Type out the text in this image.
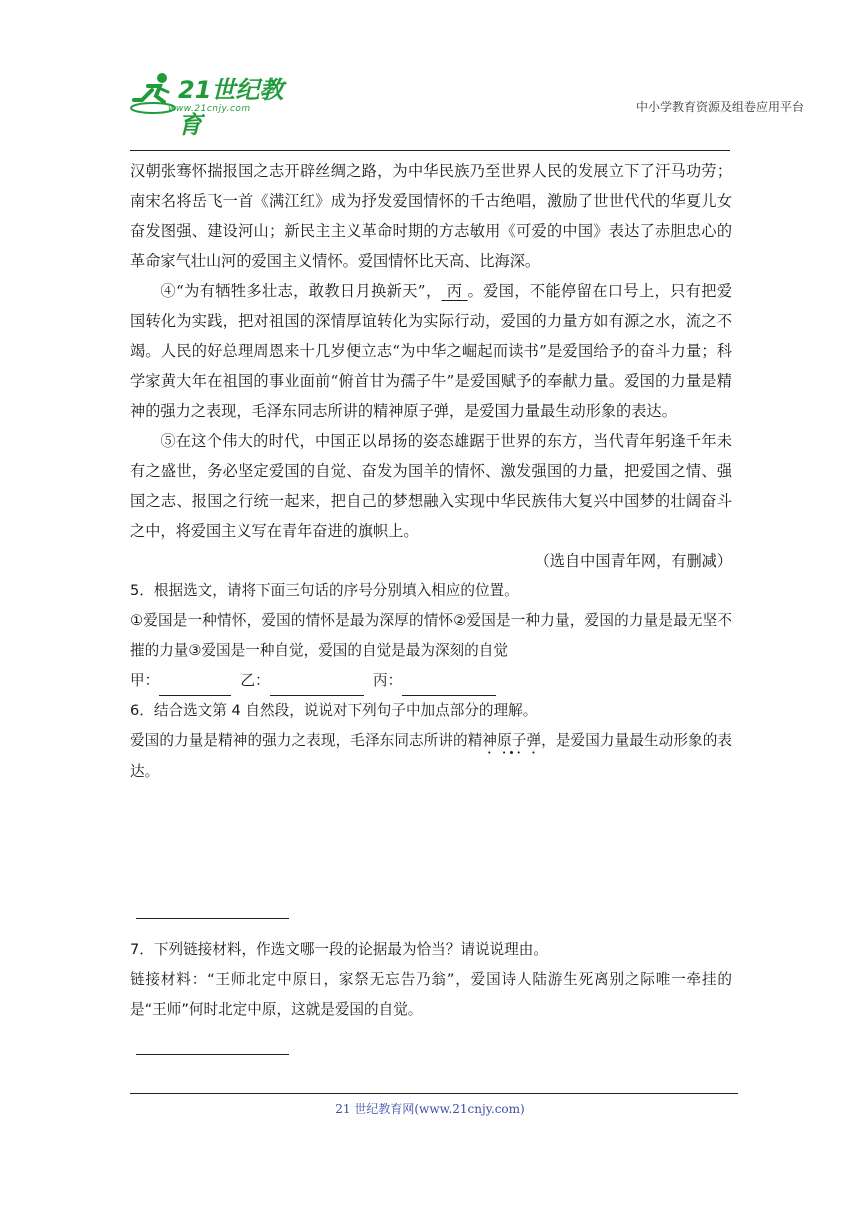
21世纪教育
www.21cnjy.com	中小学教育资源及组卷应用平台

汉朝张骞怀揣报国之志开辟丝绸之路，为中华民族乃至世界人民的发展立下了汗马功劳；南宋名将岳飞一首《满江红》成为抒发爱国情怀的千古绝唱，激励了世世代代的华夏儿女奋发图强、建设河山；新民主主义革命时期的方志敏用《可爱的中国》表达了赤胆忠心的革命家气壮山河的爱国主义情怀。爱国情怀比天高、比海深。

④“为有牺牲多壮志，敢教日月换新天”， 丙 。爱国，不能停留在口号上，只有把爱国转化为实践，把对祖国的深情厚谊转化为实际行动，爱国的力量方如有源之水，流之不竭。人民的好总理周恩来十几岁便立志“为中华之崛起而读书”是爱国给予的奋斗力量；科学家黄大年在祖国的事业面前“俯首甘为孺子牛”是爱国赋予的奉献力量。爱国的力量是精神的强力之表现，毛泽东同志所讲的精神原子弹，是爱国力量最生动形象的表达。

⑤在这个伟大的时代，中国正以昂扬的姿态雄踞于世界的东方，当代青年躬逢千年未有之盛世，务必坚定爱国的自觉、奋发为国羊的情怀、激发强国的力量，把爱国之情、强国之志、报国之行统一起来，把自己的梦想融入实现中华民族伟大复兴中国梦的壮阔奋斗之中，将爱国主义写在青年奋进的旗帜上。

（选自中国青年网，有删减）

5．根据选文，请将下面三句话的序号分别填入相应的位置。

①爱国是一种情怀，爱国的情怀是最为深厚的情怀②爱国是一种力量，爱国的力量是最无坚不摧的力量③爱国是一种自觉，爱国的自觉是最为深刻的自觉

甲：	乙：	丙：

6．结合选文第 4 自然段，说说对下列句子中加点部分的理解。

爱国的力量是精神的强力之表现，毛泽东同志所讲的精神原子弹，是爱国力量最生动形象的表达。

7．下列链接材料，作选文哪一段的论据最为恰当？请说说理由。

链接材料：“王师北定中原日，家祭无忘告乃翁”，爱国诗人陆游生死离别之际唯一牵挂的是“王师”何时北定中原，这就是爱国的自觉。

21 世纪教育网(www.21cnjy.com)
